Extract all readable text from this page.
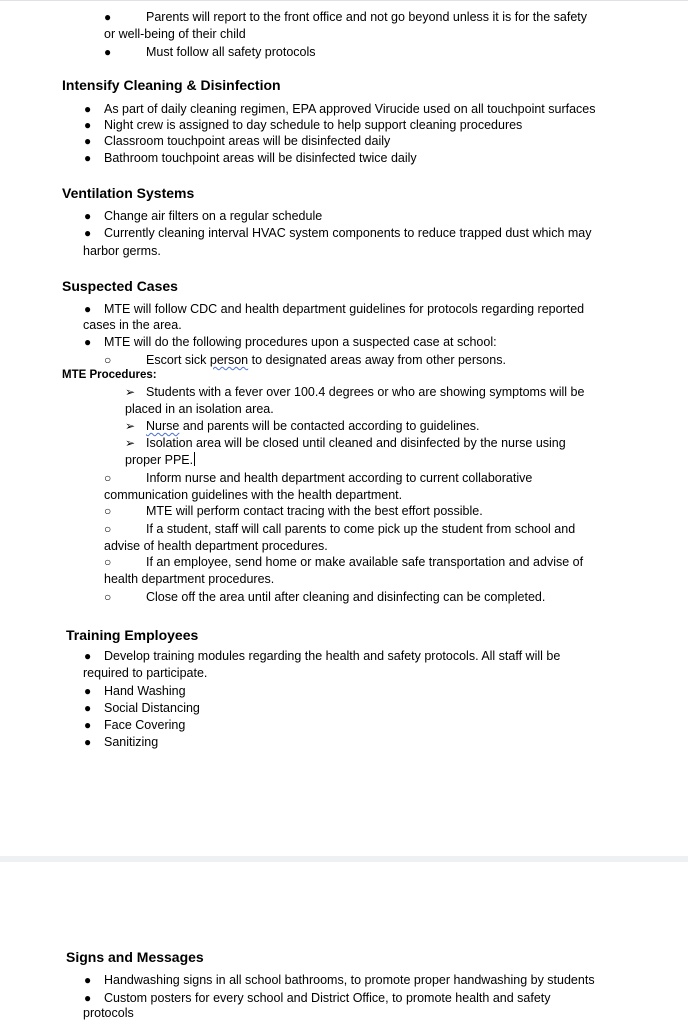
●	Parents will report to the front office and not go beyond unless it is for the safety
or well-being of their child
●	Must follow all safety protocols
Intensify Cleaning & Disinfection
● As part of daily cleaning regimen, EPA approved Virucide used on all touchpoint surfaces
● Night crew is assigned to day schedule to help support cleaning procedures
● Classroom touchpoint areas will be disinfected daily
● Bathroom touchpoint areas will be disinfected twice daily
Ventilation Systems
● Change air filters on a regular schedule
● Currently cleaning interval HVAC system components to reduce trapped dust which may
harbor germs.
Suspected Cases
● MTE will follow CDC and health department guidelines for protocols regarding reported
cases in the area.
● MTE will do the following procedures upon a suspected case at school:
○	Escort sick person to designated areas away from other persons.
MTE Procedures:
➢ Students with a fever over 100.4 degrees or who are showing symptoms will be
placed in an isolation area.
➢ Nurse and parents will be contacted according to guidelines.
➢ Isolation area will be closed until cleaned and disinfected by the nurse using
proper PPE.
○	Inform nurse and health department according to current collaborative
communication guidelines with the health department.
○	MTE will perform contact tracing with the best effort possible.
○	If a student, staff will call parents to come pick up the student from school and
advise of health department procedures.
○	If an employee, send home or make available safe transportation and advise of
health department procedures.
○	Close off the area until after cleaning and disinfecting can be completed.
Training Employees
● Develop training modules regarding the health and safety protocols. All staff will be
required to participate.
● Hand Washing
● Social Distancing
● Face Covering
● Sanitizing
Signs and Messages
● Handwashing signs in all school bathrooms, to promote proper handwashing by students
● Custom posters for every school and District Office, to promote health and safety
protocols
